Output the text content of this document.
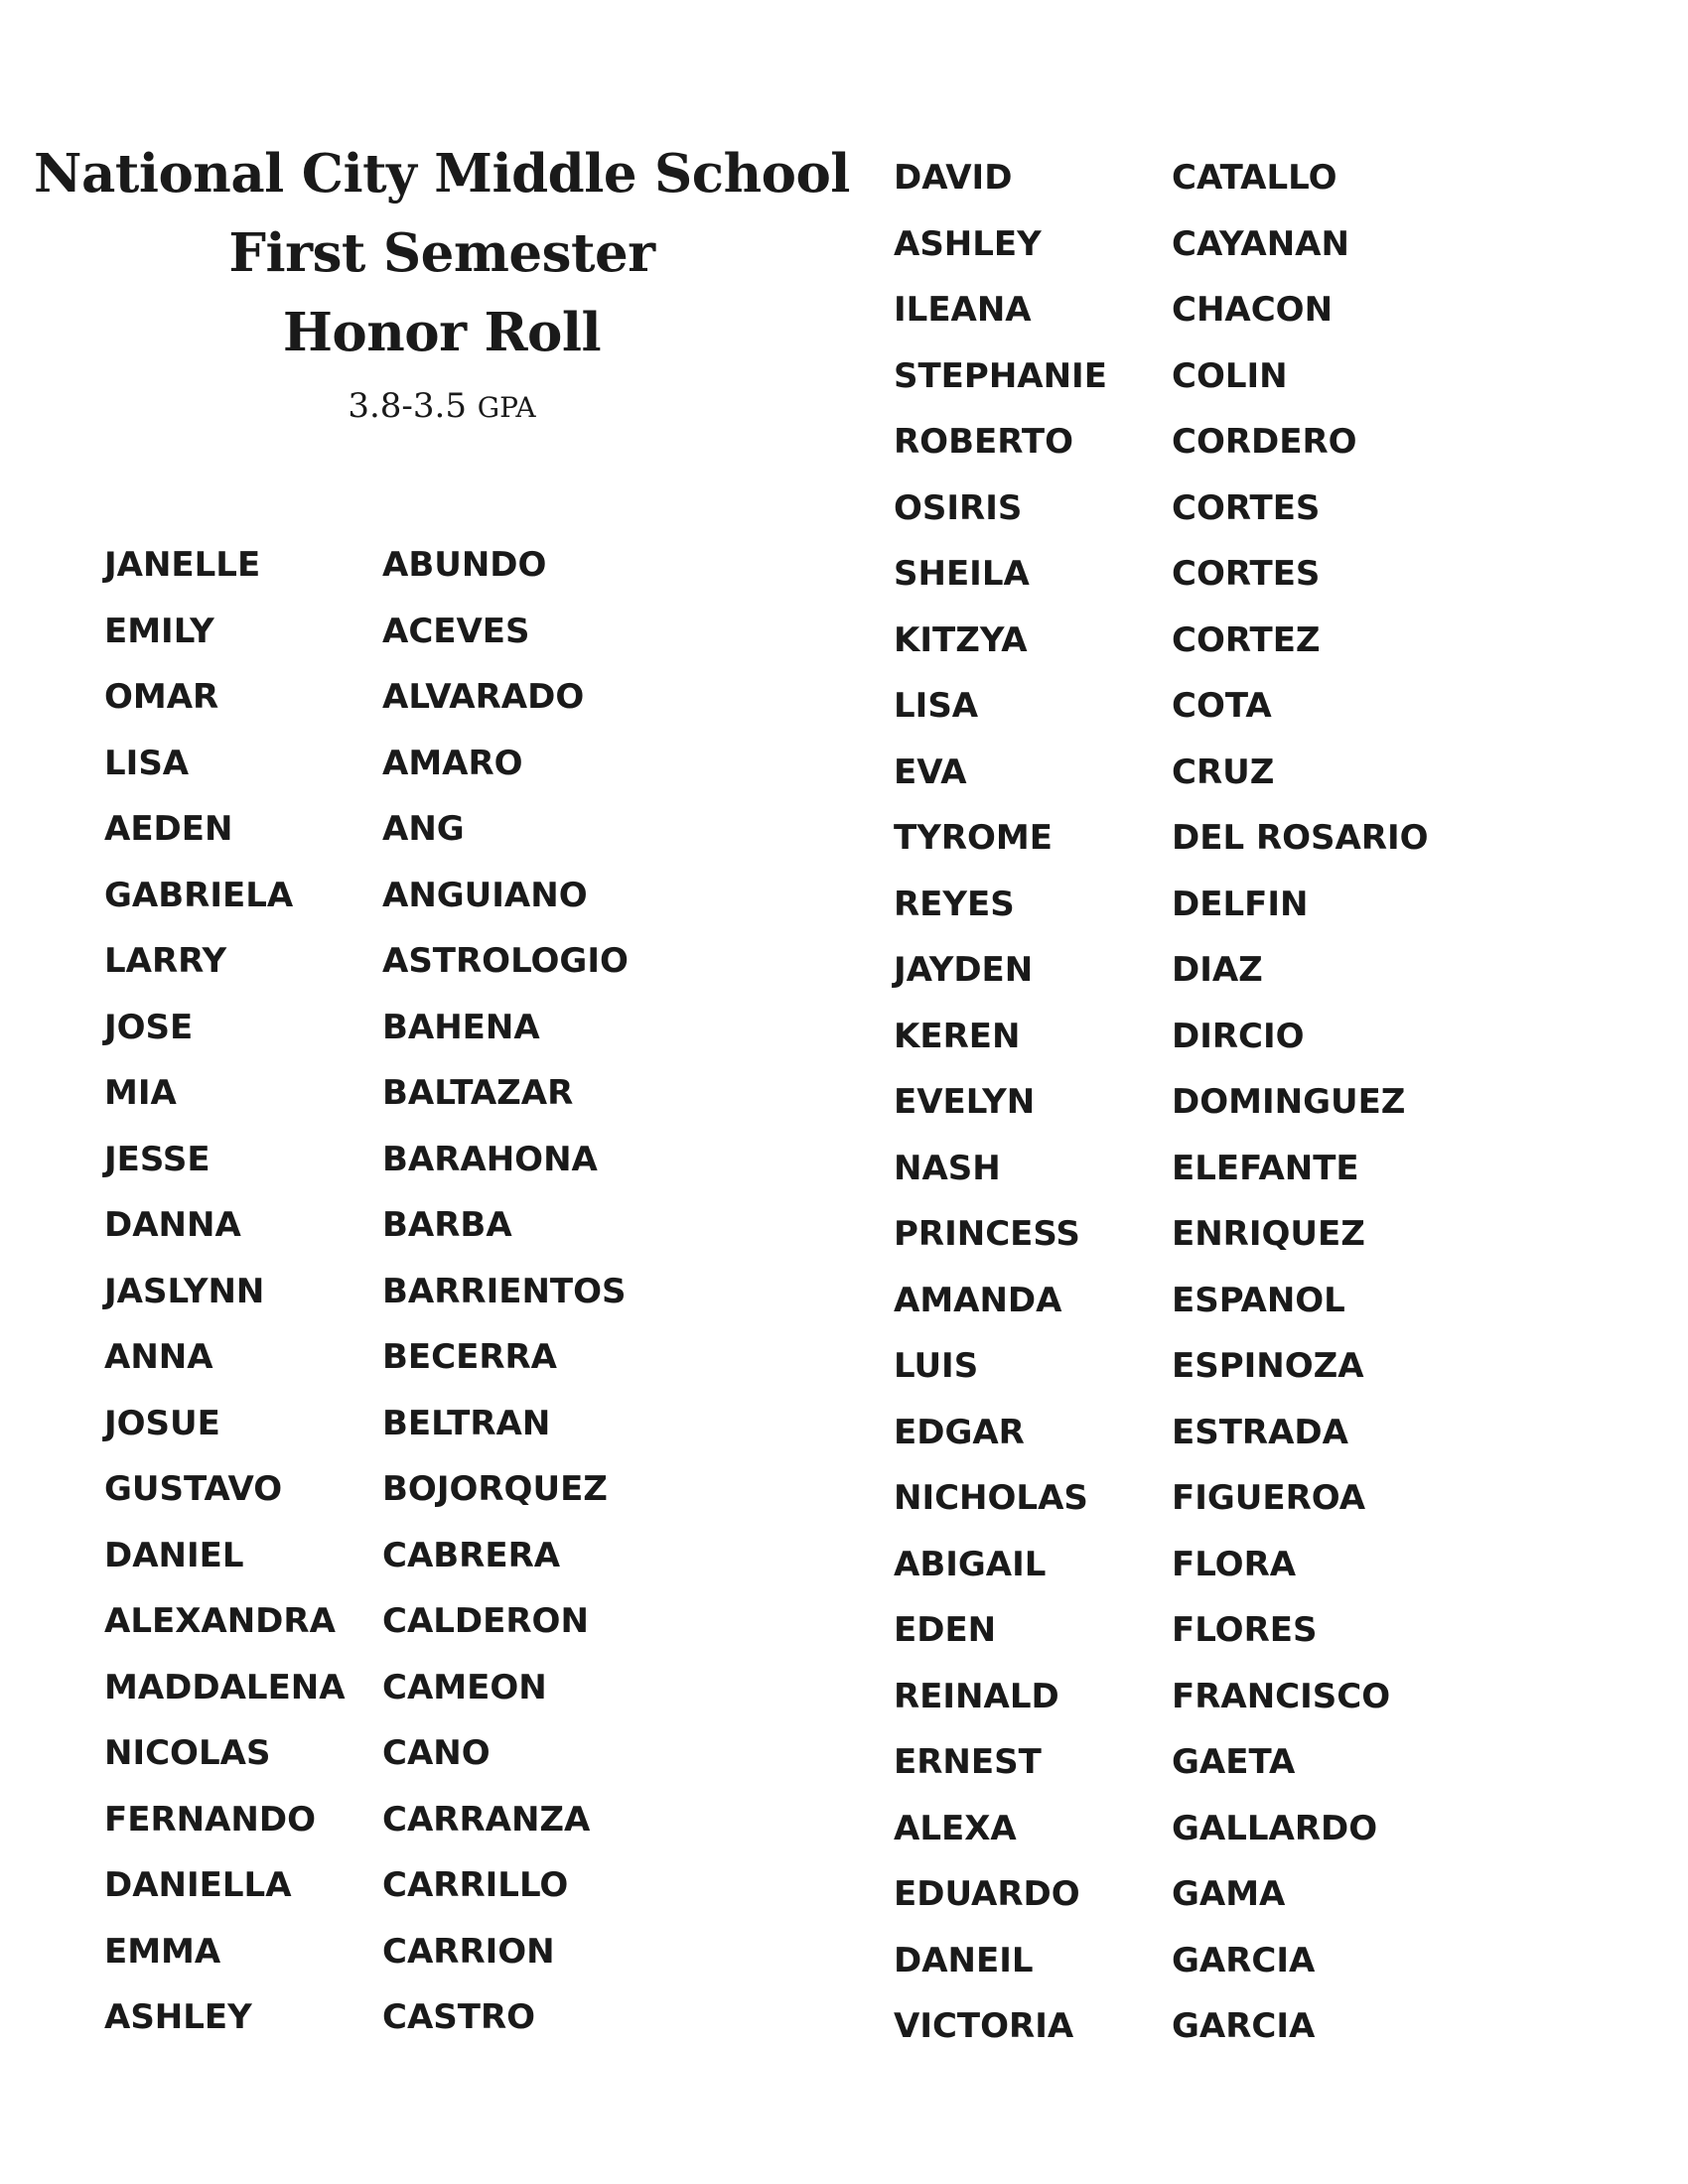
National City Middle School
First Semester
Honor Roll
3.8-3.5 GPA
JANELLE	ABUNDO
EMILY	ACEVES
OMAR	ALVARADO
LISA	AMARO
AEDEN	ANG
GABRIELA	ANGUIANO
LARRY	ASTROLOGIO
JOSE	BAHENA
MIA	BALTAZAR
JESSE	BARAHONA
DANNA	BARBA
JASLYNN	BARRIENTOS
ANNA	BECERRA
JOSUE	BELTRAN
GUSTAVO	BOJORQUEZ
DANIEL	CABRERA
ALEXANDRA CALDERON
MADDALENA CAMEON
NICOLAS	CANO
FERNANDO CARRANZA
DANIELLA	CARRILLO
EMMA	CARRION
ASHLEY	CASTRO
DAVID	CATALLO
ASHLEY	CAYANAN
ILEANA	CHACON
STEPHANIE COLIN
ROBERTO	CORDERO
OSIRIS	CORTES
SHEILA	CORTES
KITZYA	CORTEZ
LISA	COTA
EVA	CRUZ
TYROME	DEL ROSARIO
REYES	DELFIN
JAYDEN	DIAZ
KEREN	DIRCIO
EVELYN	DOMINGUEZ
NASH	ELEFANTE
PRINCESS	ENRIQUEZ
AMANDA	ESPANOL
LUIS	ESPINOZA
EDGAR	ESTRADA
NICHOLAS FIGUEROA
ABIGAIL	FLORA
EDEN	FLORES
REINALD	FRANCISCO
ERNEST	GAETA
ALEXA	GALLARDO
EDUARDO	GAMA
DANEIL	GARCIA
VICTORIA	GARCIA
